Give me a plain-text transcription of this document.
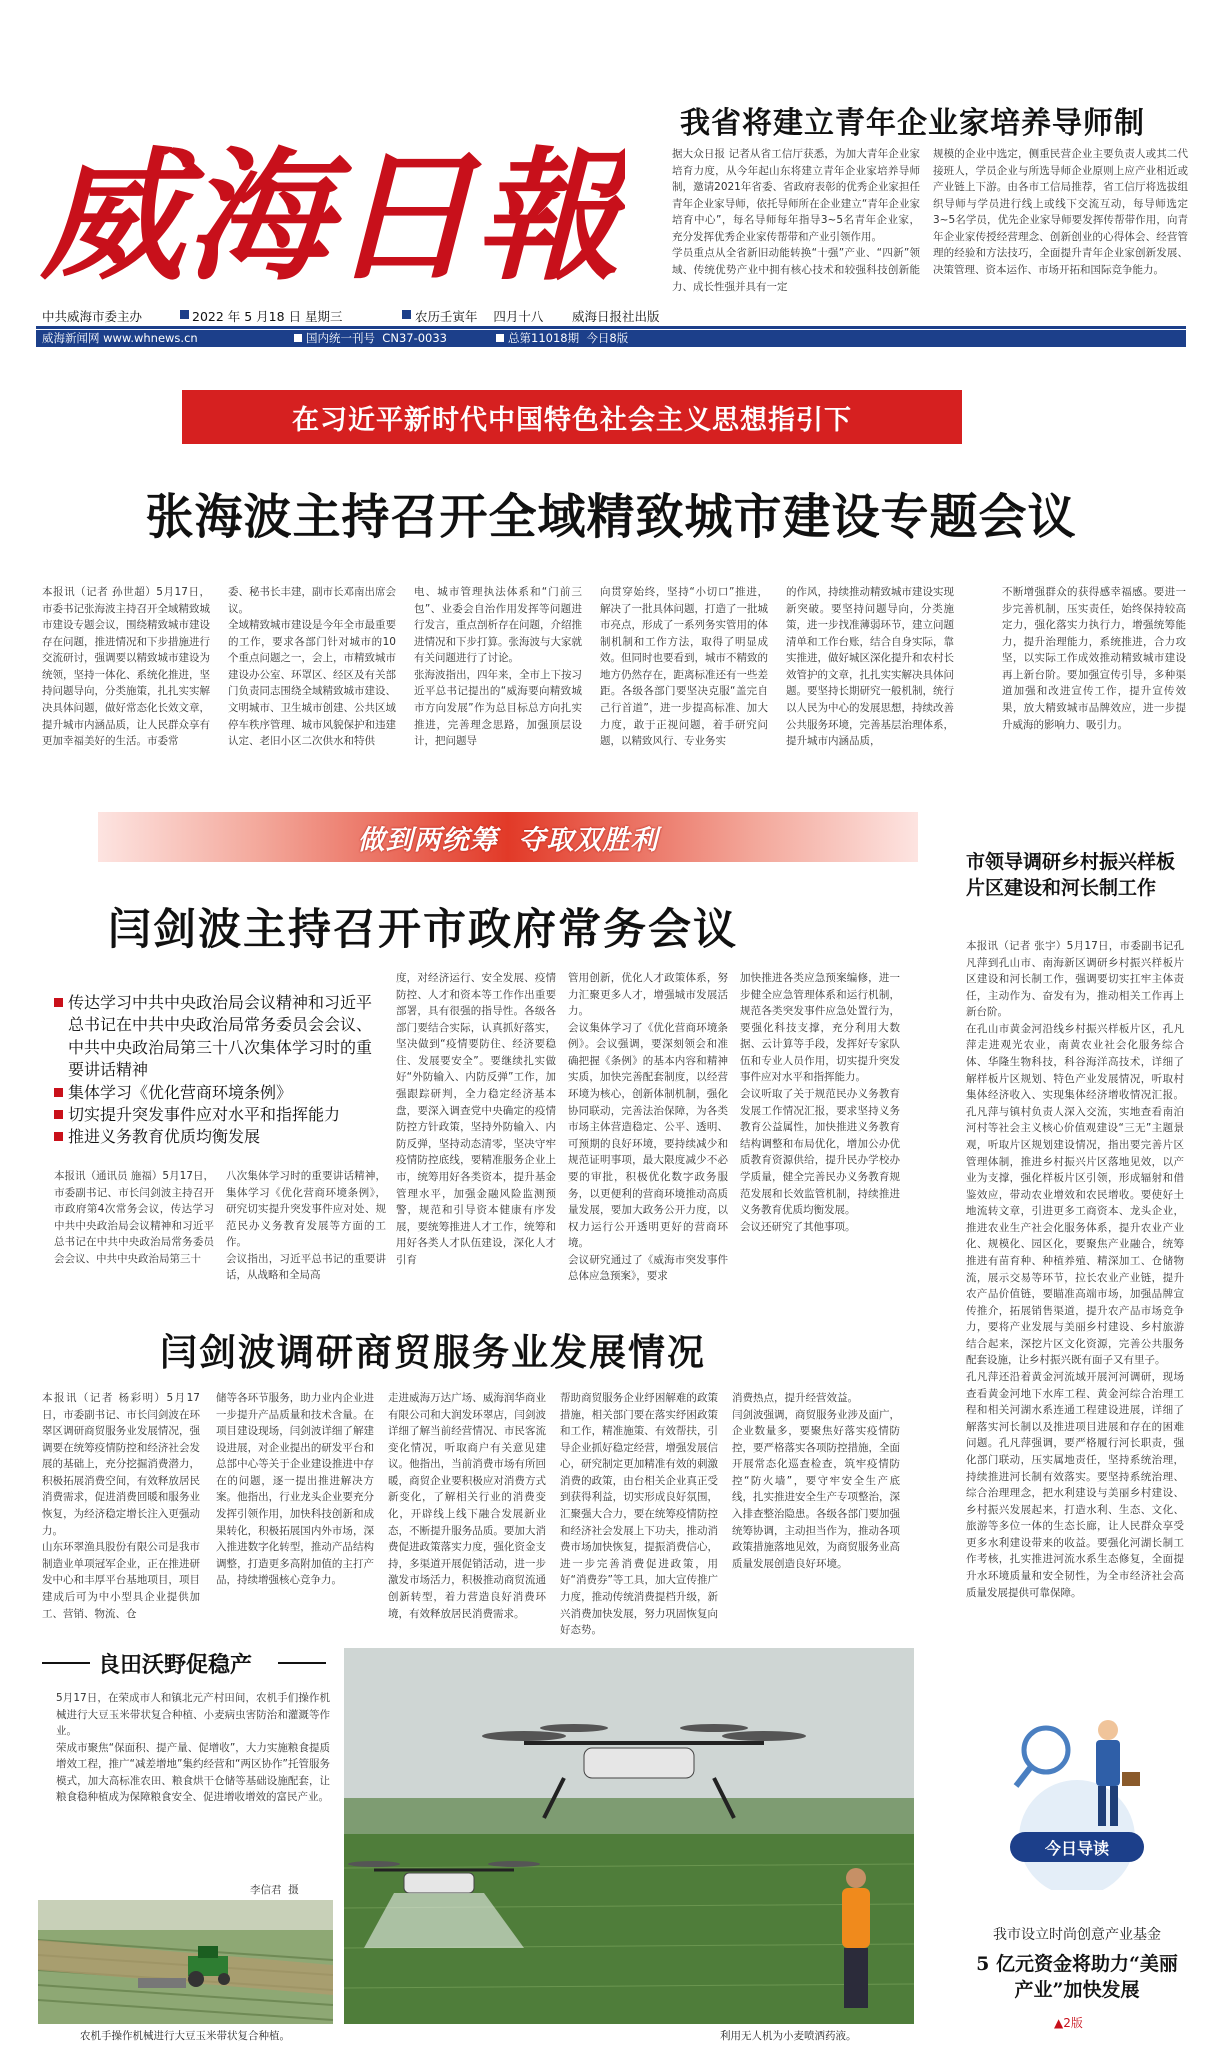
威海日報
我省将建立青年企业家培养导师制
据大众日报 记者从省工信厅获悉，为加大青年企业家培育力度，从今年起山东将建立青年企业家培养导师制，邀请2021年省委、省政府表彰的优秀企业家担任青年企业家导师，依托导师所在企业建立“青年企业家培育中心”，每名导师每年指导3~5名青年企业家，充分发挥优秀企业家传帮带和产业引领作用。
学员重点从全省新旧动能转换“十强”产业、“四新”领域、传统优势产业中拥有核心技术和较强科技创新能力、成长性强并具有一定
规模的企业中选定，侧重民营企业主要负责人或其二代接班人，学员企业与所选导师企业原则上应产业相近或产业链上下游。由各市工信局推荐，省工信厅将选拔组织导师与学员进行线上或线下交流互动，每导师选定3~5名学员，优先企业家导师要发挥传帮带作用，向青年企业家传授经营理念、创新创业的心得体会、经营管理的经验和方法技巧，全面提升青年企业家创新发展、决策管理、资本运作、市场开拓和国际竞争能力。
中共威海市委主办	2022 年 5 月18 日 星期三	农历壬寅年    四月十八 威海日报社出版
威海新闻网 www.whnews.cn	国内统一刊号  CN37-0033	总第11018期  今日8版
在习近平新时代中国特色社会主义思想指引下
张海波主持召开全域精致城市建设专题会议
本报讯（记者 孙世超）5月17日，市委书记张海波主持召开全域精致城市建设专题会议，围绕精致城市建设存在问题，推进情况和下步措施进行交流研讨，强调要以精致城市建设为统领，坚持一体化、系统化推进，坚持问题导向，分类施策，扎扎实实解决具体问题，做好常态化长效文章，提升城市内涵品质，让人民群众享有更加幸福美好的生活。市委常
委、秘书长丰建，副市长邓南出席会议。
全域精致城市建设是今年全市最重要的工作，要求各部门针对城市的10个重点问题之一，会上，市精致城市建设办公室、环罩区、经区及有关部门负责同志围绕全域精致城市建设、文明城市、卫生城市创建、公共区域停车秩序管理、城市风貌保护和违建认定、老旧小区二次供水和特供
电、城市管理执法体系和“门前三包”、业委会自治作用发挥等问题进行发言，重点剖析存在问题，介绍推进情况和下步打算。张海波与大家就有关问题进行了讨论。
张海波指出，四年来，全市上下按习近平总书记提出的“威海要向精致城市方向发展”作为总目标总方向扎实推进，完善理念思路，加强顶层设计，把问题导
向贯穿始终，坚持“小切口”推进，解决了一批具体问题，打造了一批城市亮点，形成了一系列务实管用的体制机制和工作方法，取得了明显成效。但同时也要看到，城市不精致的地方仍然存在，距离标准还有一些差距。各级各部门要坚决克服“盖完自己行首道”，进一步提高标准、加大力度，敢于正视问题，着手研究问题，以精致风行、专业务实
的作风，持续推动精致城市建设实现新突破。要坚持问题导向，分类施策，进一步找准薄弱环节，建立问题清单和工作台账，结合自身实际，靠实推进，做好城区深化提升和农村长效管护的文章，扎扎实实解决具体问题。要坚持长期研究一般机制，统行以人民为中心的发展思想，持续改善公共服务环境，完善基层治理体系，提升城市内涵品质，
不断增强群众的获得感幸福感。要进一步完善机制，压实责任，始终保持较高定力，强化落实力执行力，增强统筹能力，提升治理能力，系统推进，合力攻坚，以实际工作成效推动精致城市建设再上新台阶。要加强宣传引导，多种渠道加强和改进宣传工作，提升宣传效果，放大精致城市品牌效应，进一步提升威海的影响力、吸引力。
做到两统筹  夺取双胜利
闫剑波主持召开市政府常务会议
传达学习中共中央政治局会议精神和习近平总书记在中共中央政治局常务委员会会议、中共中央政治局第三十八次集体学习时的重要讲话精神
集体学习《优化营商环境条例》
切实提升突发事件应对水平和指挥能力
推进义务教育优质均衡发展
本报讯（通讯员 施福）5月17日，市委副书记、市长闫剑波主持召开市政府第4次常务会议，传达学习中共中央政治局会议精神和习近平总书记在中共中央政治局常务委员会会议、中共中央政治局第三十
八次集体学习时的重要讲话精神，集体学习《优化营商环境条例》，研究切实提升突发事件应对处、规范民办义务教育发展等方面的工作。
会议指出，习近平总书记的重要讲话，从战略和全局高
度，对经济运行、安全发展、疫情防控、人才和资本等工作作出重要部署，具有很强的指导性。各级各部门要结合实际，认真抓好落实，坚决做到“疫情要防住、经济要稳住、发展要安全”。要继续扎实做好“外防输入、内防反弹”工作，加强跟踪研判，全力稳定经济基本盘，要深入调查党中央确定的疫情防控方针政策，坚持外防输入、内防反弹，坚持动态清零，坚决守牢疫情防控底线，要精准服务企业上市，统筹用好各类资本，提升基金管理水平，加强金融风险监测预警，规范和引导资本健康有序发展，要统筹推进人才工作，统筹和用好各类人才队伍建设，深化人才引育
管用创新，优化人才政策体系，努力汇聚更多人才，增强城市发展活力。
会议集体学习了《优化营商环境条例》。会议强调，要深刻领会和准确把握《条例》的基本内容和精神实质，加快完善配套制度，以经营环境为核心，创新体制机制，强化协同联动，完善法治保障，为各类市场主体营造稳定、公平、透明、可预期的良好环境，要持续减少和规范证明事项，最大限度减少不必要的审批，积极优化数字政务服务，以更便利的营商环境推动高质量发展，要加大政务公开力度，以权力运行公开透明更好的营商环境。
会议研究通过了《威海市突发事件总体应急预案》，要求
加快推进各类应急预案编修，进一步健全应急管理体系和运行机制，规范各类突发事件应急处置行为，要强化科技支撑，充分利用大数据、云计算等手段，发挥好专家队伍和专业人员作用，切实提升突发事件应对水平和指挥能力。
会议听取了关于规范民办义务教育发展工作情况汇报，要求坚持义务教育公益属性，加快推进义务教育结构调整和布局优化，增加公办优质教育资源供给，提升民办学校办学质量，健全完善民办义务教育规范发展和长效监管机制，持续推进义务教育优质均衡发展。
会议还研究了其他事项。
市领导调研乡村振兴样板片区建设和河长制工作
本报讯（记者 张宇）5月17日，市委副书记孔凡萍到孔山市、南海新区调研乡村振兴样板片区建设和河长制工作，强调要切实扛牢主体责任，主动作为、奋发有为，推动相关工作再上新台阶。
在孔山市黄金河沿线乡村振兴样板片区，孔凡萍走进观光农业，南黄农业社会化服务综合体、华隆生物科技，科谷海洋高技术，详细了解样板片区规划、特色产业发展情况，听取村集体经济收入、实现集体经济增收情况汇报。孔凡萍与镇村负责人深入交流，实地查看南泊河村等社会主义核心价值观建设“三无”主题景观，听取片区规划建设情况，指出要完善片区管理体制，推进乡村振兴片区落地见效，以产业为支撑，强化样板片区引领，形成辐射和借鉴效应，带动农业增效和农民增收。要使好土地流转文章，引进更多工商资本、龙头企业，推进农业生产社会化服务体系，提升农业产业化、规模化、园区化，要聚焦产业融合，统筹推进有苗育种、种植养殖、精深加工、仓储物流，展示交易等环节，拉长农业产业链，提升农产品价值链，要瞄准高端市场，加强品牌宣传推介，拓展销售渠道，提升农产品市场竞争力，要将产业发展与美丽乡村建设、乡村旅游结合起来，深挖片区文化资源，完善公共服务配套设施，让乡村振兴既有面子又有里子。
孔凡萍还沿着黄金河流域开展河河调研，现场查看黄金河地下水库工程、黄金河综合治理工程和相关河湖水系连通工程建设进展，详细了解落实河长制以及推进项目进展和存在的困难问题。孔凡萍强调，要严格履行河长职责，强化部门联动，压实属地责任，坚持系统治理，持续推进河长制有效落实。要坚持系统治理、综合治理理念，把水利建设与美丽乡村建设、乡村振兴发展起来，打造水利、生态、文化、旅游等多位一体的生态长廊，让人民群众享受更多水利建设带来的收益。要强化河湖长制工作考核，扎实推进河流水系生态修复，全面提升水环境质量和安全韧性，为全市经济社会高质量发展提供可靠保障。
闫剑波调研商贸服务业发展情况
本报讯（记者 杨彩明）5月17日，市委副书记、市长闫剑波在环翠区调研商贸服务业发展情况，强调要在统筹疫情防控和经济社会发展的基础上，充分挖掘消费潜力，积极拓展消费空间，有效释放居民消费需求，促进消费回暖和服务业恢复，为经济稳定增长注入更强动力。
山东环翠渔具股份有限公司是我市制造业单项冠军企业，正在推进研发中心和丰厚平台基地项目，项目建成后可为中小型具企业提供加工、营销、物流、仓
储等各环节服务，助力业内企业进一步提升产品质量和技术含量。在项目建设现场，闫剑波详细了解建设进展，对企业提出的研发平台和总部中心等关于企业建设推进中存在的问题，逐一提出推进解决方案。他指出，行业龙头企业要充分发挥引领作用，加快科技创新和成果转化，积极拓展国内外市场，深入推进数字化转型，推动产品结构调整，打造更多高附加值的主打产品，持续增强核心竞争力。
走进威海万达广场、威海润华商业有限公司和大润发环翠店，闫剑波详细了解当前经营情况、市民客流变化情况，听取商户有关意见建议。他指出，当前消费市场有所回暖，商贸企业要积极应对消费方式新变化，了解相关行业的消费变化，开辟线上线下融合发展新业态，不断提升服务品质。要加大消费促进政策落实力度，强化资金支持，多渠道开展促销活动，进一步激发市场活力，积极推动商贸流通创新转型，着力营造良好消费环境，有效释放居民消费需求。
帮助商贸服务企业纾困解难的政策措施，相关部门要在落实纾困政策和工作，精准施策、有效帮扶，引导企业抓好稳定经营，增强发展信心，研究制定更加精准有效的刺激消费的政策，由台相关企业真正受到获得利益，切实形成良好氛围，汇聚强大合力，要在统筹疫情防控和经济社会发展上下功夫，推动消费市场加快恢复，提振消费信心，进一步完善消费促进政策，用好“消费券”等工具，加大宣传推广力度，推动传统消费提档升级，新兴消费加快发展，努力巩固恢复向好态势。
消费热点，提升经营效益。
闫剑波强调，商贸服务业涉及面广，企业数量多，要聚焦好落实疫情防控，要严格落实各项防控措施，全面开展常态化巡查检查，筑牢疫情防控“防火墙”，要守牢安全生产底线，扎实推进安全生产专项整治，深入排查整治隐患。各级各部门要加强统筹协调，主动担当作为，推动各项政策措施落地见效，为商贸服务业高质量发展创造良好环境。
良田沃野促稳产
5月17日，在荣成市人和镇北元产村田间，农机手们操作机械进行大豆玉米带状复合种植、小麦病虫害防治和灌溉等作业。
荣成市聚焦“保面积、提产量、促增收”，大力实施粮食提质增效工程，推广“减差增地”集约经营和“两区协作”托管服务模式，加大高标准农田、粮食烘干仓储等基础设施配套，让粮食稳种植成为保障粮食安全、促进增收增效的富民产业。
李信君  摄
农机手操作机械进行大豆玉米带状复合种植。	利用无人机为小麦喷洒药液。
今日导读
我市设立时尚创意产业基金
5 亿元资金将助力“美丽产业”加快发展
▲2版
